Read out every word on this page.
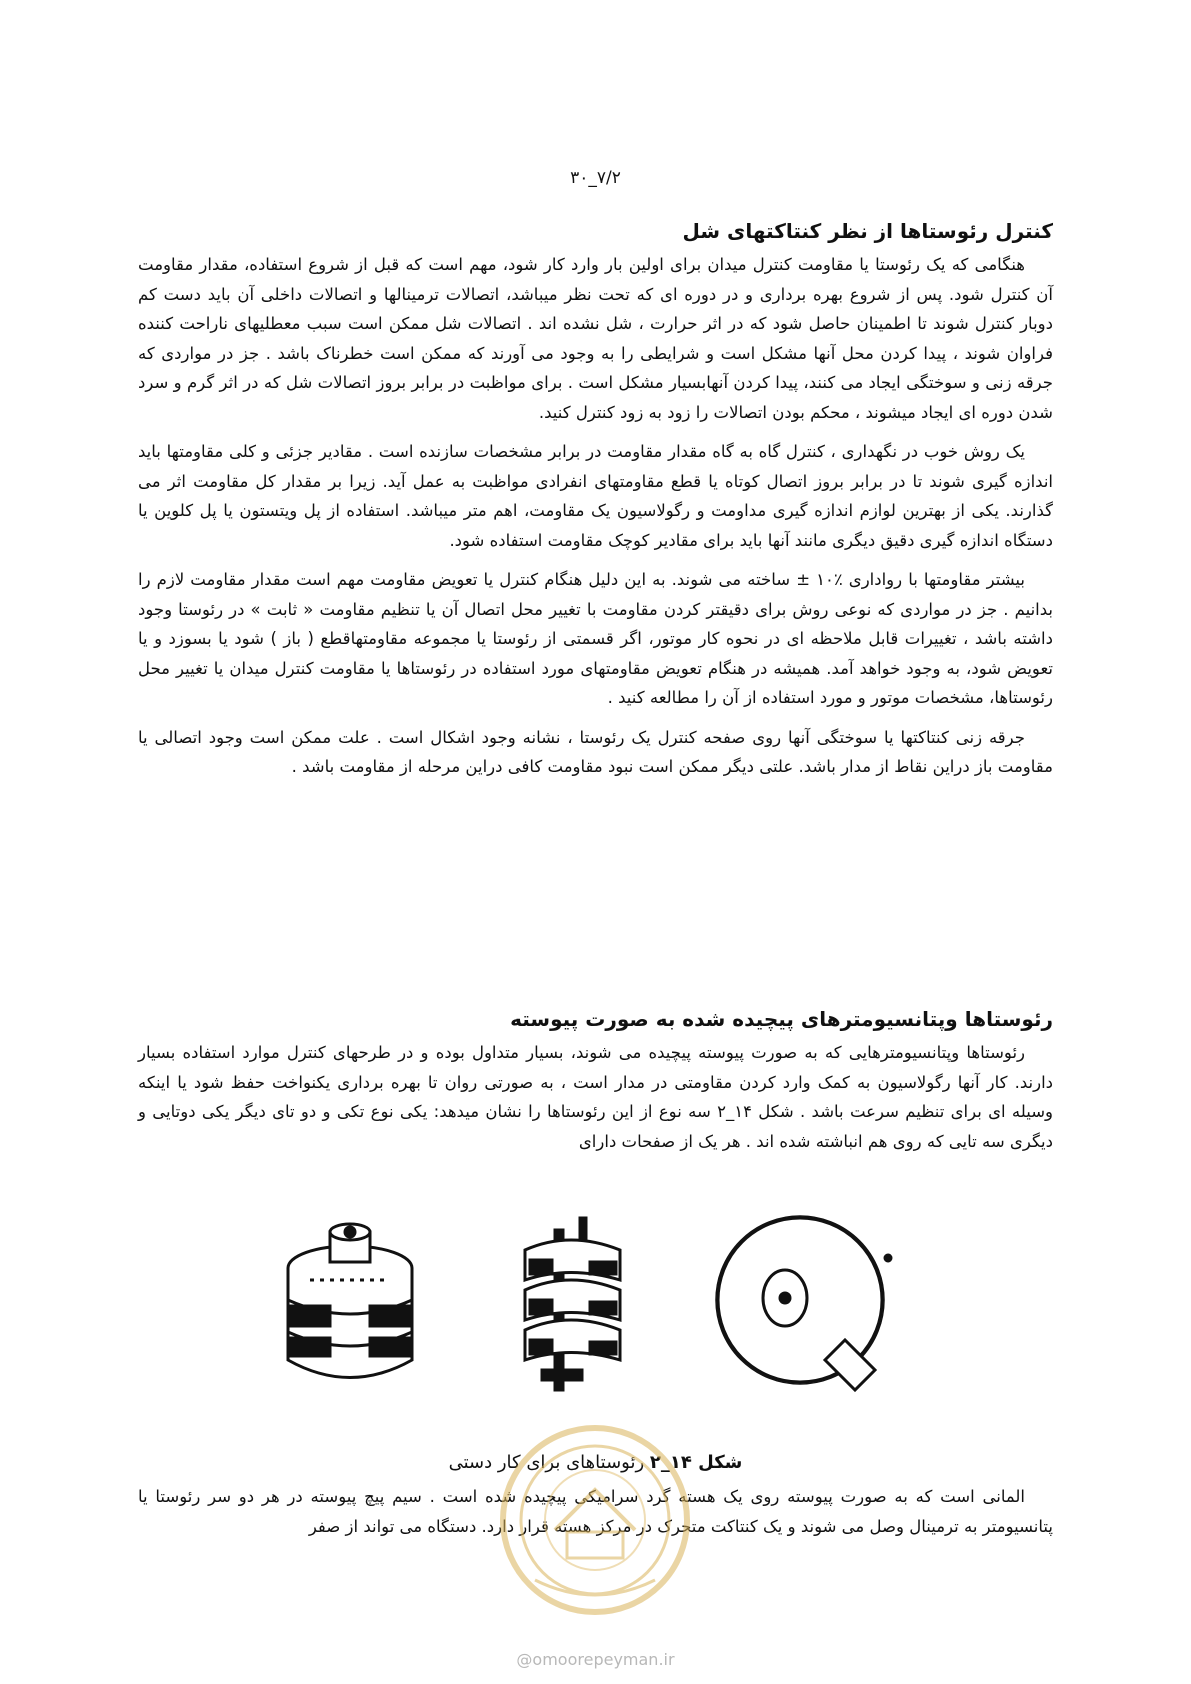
۷/۲_۳۰
کنترل رئوستاها از نظر کنتاکتهای شل

هنگامی که یک رئوستا یا مقاومت کنترل میدان برای اولین بار وارد کار شود، مهم است که قبل از شروع استفاده، مقدار مقاومت آن کنترل شود. پس از شروع بهره برداری و در دوره ای که تحت نظر میباشد، اتصالات ترمینالها و اتصالات داخلی آن باید دست کم دوبار کنترل شوند تا اطمینان حاصل شود که در اثر حرارت ، شل نشده اند . اتصالات شل ممکن است سبب معطلیهای ناراحت کننده فراوان شوند ، پیدا کردن محل آنها مشکل است و شرایطی را به وجود می آورند که ممکن است خطرناک باشد . جز در مواردی که جرقه زنی و سوختگی ایجاد می کنند، پیدا کردن آنهابسیار مشکل است . برای مواظبت در برابر بروز اتصالات شل که در اثر گرم و سرد شدن دوره ای ایجاد میشوند ، محکم بودن اتصالات را زود به زود کنترل کنید.

یک روش خوب در نگهداری ، کنترل گاه به گاه مقدار مقاومت در برابر مشخصات سازنده است . مقادیر جزئی و کلی مقاومتها باید اندازه گیری شوند تا در برابر بروز اتصال کوتاه یا قطع مقاومتهای انفرادی مواظبت به عمل آید. زیرا بر مقدار کل مقاومت اثر می گذارند. یکی از بهترین لوازم اندازه گیری مداومت و رگولاسیون یک مقاومت، اهم متر میباشد. استفاده از پل ویتستون یا پل کلوین یا دستگاه اندازه گیری دقیق دیگری مانند آنها باید برای مقادیر کوچک مقاومت استفاده شود.

بیشتر مقاومتها با رواداری ٪۱۰ ± ساخته می شوند. به این دلیل هنگام کنترل یا تعویض مقاومت مهم است مقدار مقاومت لازم را بدانیم . جز در مواردی که نوعی روش برای دقیقتر کردن مقاومت با تغییر محل اتصال آن یا تنظیم مقاومت « ثابت » در رئوستا وجود داشته باشد ، تغییرات قابل ملاحظه ای در نحوه کار موتور، اگر قسمتی از رئوستا یا مجموعه مقاومتهاقطع ( باز ) شود یا بسوزد و یا تعویض شود، به وجود خواهد آمد. همیشه در هنگام تعویض مقاومتهای مورد استفاده در رئوستاها یا مقاومت کنترل میدان یا تغییر محل رئوستاها، مشخصات موتور و مورد استفاده از آن را مطالعه کنید .

جرقه زنی کنتاکتها یا سوختگی آنها روی صفحه کنترل یک رئوستا ، نشانه وجود اشکال است . علت ممکن است وجود اتصالی یا مقاومت باز دراین نقاط از مدار باشد. علتی دیگر ممکن است نبود مقاومت کافی دراین مرحله از مقاومت باشد .

رئوستاها وپتانسیومترهای پیچیده شده به صورت پیوسته

رئوستاها وپتانسیومترهایی که به صورت پیوسته پیچیده می شوند، بسیار متداول بوده و در طرحهای کنترل موارد استفاده بسیار دارند. کار آنها رگولاسیون به کمک وارد کردن مقاومتی در مدار است ، به صورتی روان تا بهره برداری یکنواخت حفظ شود یا اینکه وسیله ای برای تنظیم سرعت باشد . شکل ۱۴_۲ سه نوع از این رئوستاها را نشان میدهد: یکی نوع تکی و دو تای دیگر یکی دوتایی و دیگری سه تایی که روی هم انباشته شده اند . هر یک از صفحات دارای

شکل ۱۴_۲ رئوستاهای برای کار دستی

المانی است که به صورت پیوسته روی یک هسته گرد سرامیکی پیچیده شده است . سیم پیچ پیوسته در هر دو سر رئوستا یا پتانسیومتر به ترمینال وصل می شوند و یک کنتاکت متحرک در مرکز هسته قرار دارد. دستگاه می تواند از صفر

@omoorepeyman.ir
